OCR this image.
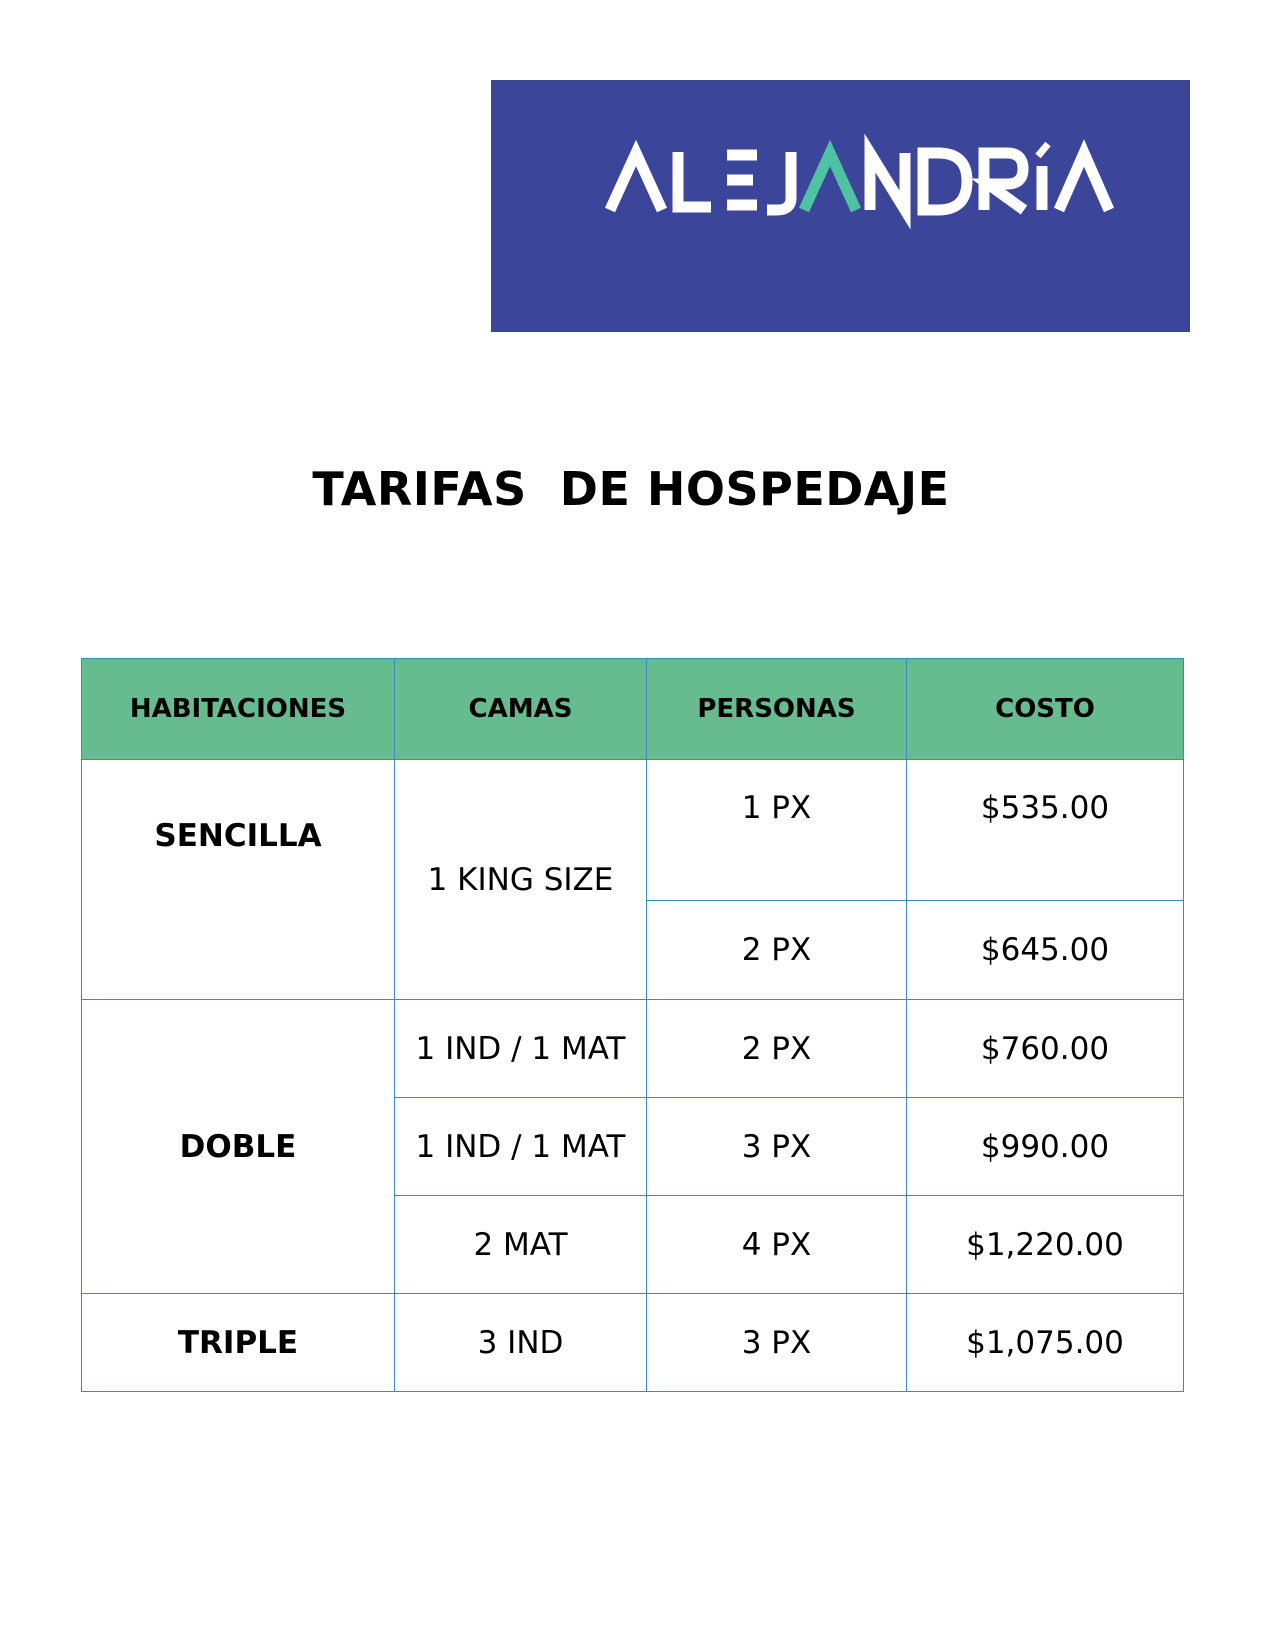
TARIFAS  DE HOSPEDAJE
HABITACIONES	CAMAS	PERSONAS	COSTO
SENCILLA	1 KING SIZE	1 PX	$535.00
		2 PX	$645.00
DOBLE	1 IND / 1 MAT	2 PX	$760.00
	1 IND / 1 MAT	3 PX	$990.00
	2 MAT	4 PX	$1,220.00
TRIPLE	3 IND	3 PX	$1,075.00
